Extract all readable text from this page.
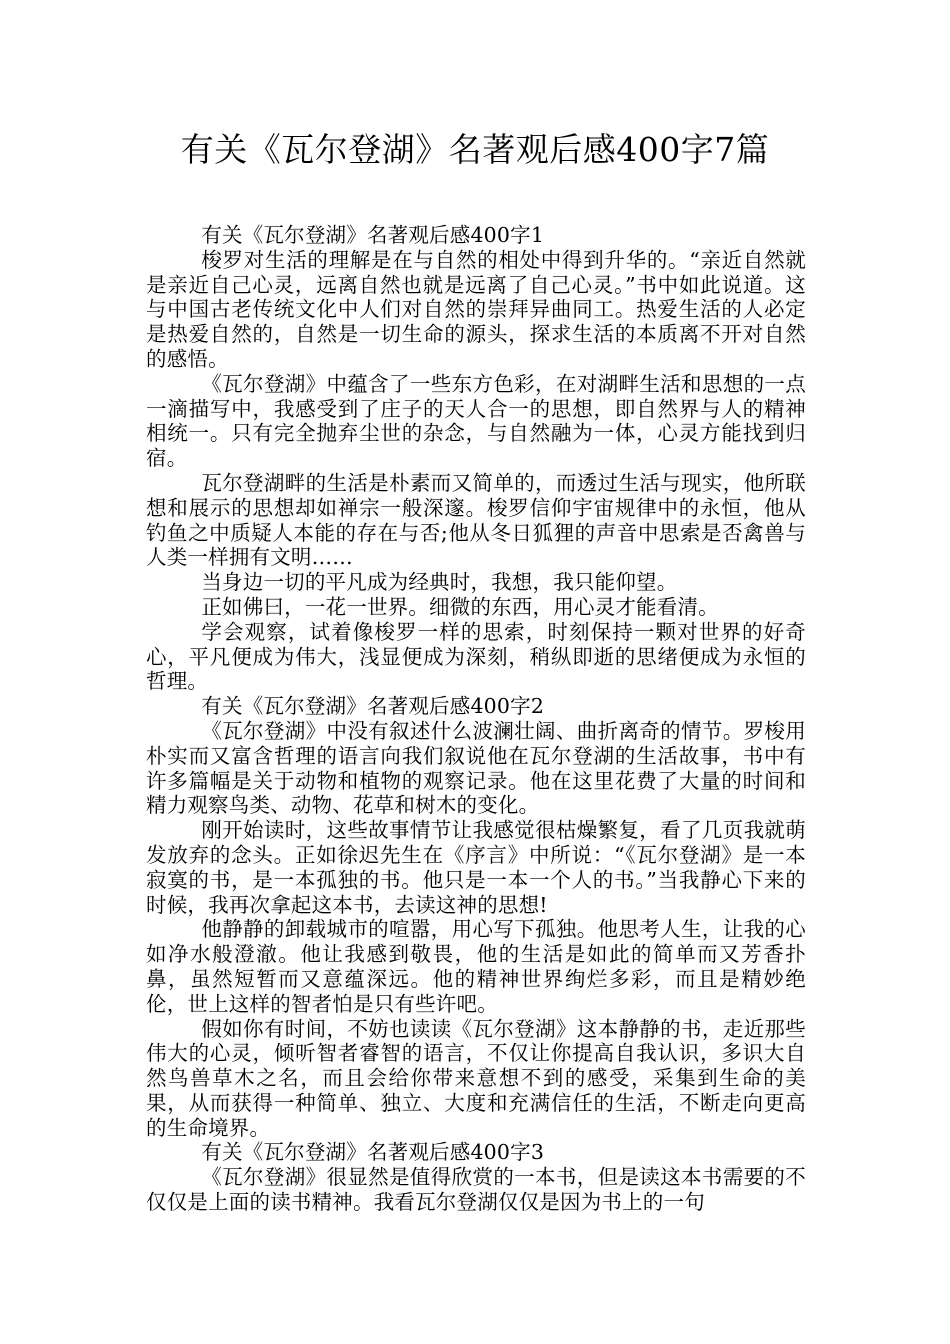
有关《瓦尔登湖》名著观后感400字7篇

有关《瓦尔登湖》名著观后感400字1

梭罗对生活的理解是在与自然的相处中得到升华的。“亲近自然就是亲近自己心灵，远离自然也就是远离了自己心灵。”书中如此说道。这与中国古老传统文化中人们对自然的崇拜异曲同工。热爱生活的人必定是热爱自然的，自然是一切生命的源头，探求生活的本质离不开对自然的感悟。

《瓦尔登湖》中蕴含了一些东方色彩，在对湖畔生活和思想的一点一滴描写中，我感受到了庄子的天人合一的思想，即自然界与人的精神相统一。只有完全抛弃尘世的杂念，与自然融为一体，心灵方能找到归宿。

瓦尔登湖畔的生活是朴素而又简单的，而透过生活与现实，他所联想和展示的思想却如禅宗一般深邃。梭罗信仰宇宙规律中的永恒，他从钓鱼之中质疑人本能的存在与否;他从冬日狐狸的声音中思索是否禽兽与人类一样拥有文明……

当身边一切的平凡成为经典时，我想，我只能仰望。

正如佛曰，一花一世界。细微的东西，用心灵才能看清。

学会观察，试着像梭罗一样的思索，时刻保持一颗对世界的好奇心，平凡便成为伟大，浅显便成为深刻，稍纵即逝的思绪便成为永恒的哲理。

有关《瓦尔登湖》名著观后感400字2

《瓦尔登湖》中没有叙述什么波澜壮阔、曲折离奇的情节。罗梭用朴实而又富含哲理的语言向我们叙说他在瓦尔登湖的生活故事，书中有许多篇幅是关于动物和植物的观察记录。他在这里花费了大量的时间和精力观察鸟类、动物、花草和树木的变化。

刚开始读时，这些故事情节让我感觉很枯燥繁复，看了几页我就萌发放弃的念头。正如徐迟先生在《序言》中所说：“《瓦尔登湖》是一本寂寞的书，是一本孤独的书。他只是一本一个人的书。”当我静心下来的时候，我再次拿起这本书，去读这神的思想!

他静静的卸载城市的喧嚣，用心写下孤独。他思考人生，让我的心如净水般澄澈。他让我感到敬畏，他的生活是如此的简单而又芳香扑鼻，虽然短暂而又意蕴深远。他的精神世界绚烂多彩，而且是精妙绝伦，世上这样的智者怕是只有些许吧。

假如你有时间，不妨也读读《瓦尔登湖》这本静静的书，走近那些伟大的心灵，倾听智者睿智的语言，不仅让你提高自我认识，多识大自然鸟兽草木之名，而且会给你带来意想不到的感受，采集到生命的美果，从而获得一种简单、独立、大度和充满信任的生活，不断走向更高的生命境界。

有关《瓦尔登湖》名著观后感400字3

《瓦尔登湖》很显然是值得欣赏的一本书，但是读这本书需要的不仅仅是上面的读书精神。我看瓦尔登湖仅仅是因为书上的一句
